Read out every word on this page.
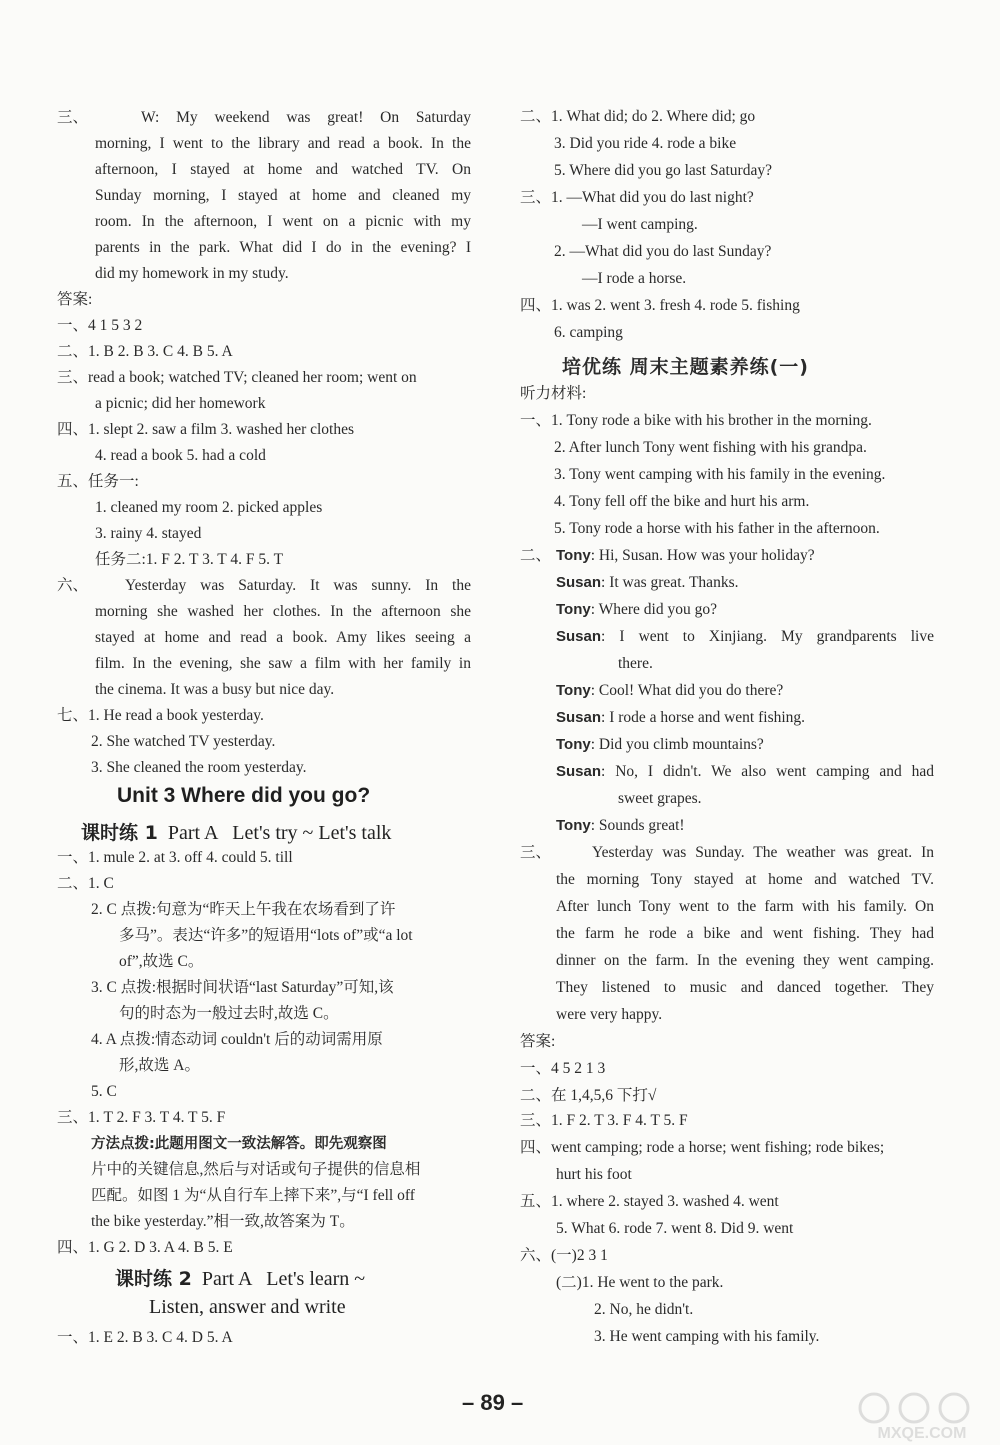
三、	W: My weekend was great! On Saturday
morning, I went to the library and read a book. In the
afternoon, I stayed at home and watched TV. On
Sunday morning, I stayed at home and cleaned my
room. In the afternoon, I went on a picnic with my
parents in the park. What did I do in the evening? I
did my homework in my study.
答案:
一、4 1 5 3 2
二、1. B 2. B 3. C 4. B 5. A
三、read a book; watched TV; cleaned her room; went on
a picnic; did her homework
四、1. slept 2. saw a film 3. washed her clothes
4. read a book 5. had a cold
五、任务一:
1. cleaned my room 2. picked apples
3. rainy 4. stayed
任务二:1. F 2. T 3. T 4. F 5. T
六、 Yesterday was Saturday. It was sunny. In the
morning she washed her clothes. In the afternoon she
stayed at home and read a book. Amy likes seeing a
film. In the evening, she saw a film with her family in
the cinema. It was a busy but nice day.
七、1. He read a book yesterday.
2. She watched TV yesterday.
3. She cleaned the room yesterday.
Unit 3 Where did you go?
课时练 1  Part A   Let's try ~ Let's talk
一、1. mule 2. at 3. off 4. could 5. till
二、1. C
2. C 点拨:句意为“昨天上午我在农场看到了许
多马”。表达“许多”的短语用“lots of”或“a lot
of”,故选 C。
3. C 点拨:根据时间状语“last Saturday”可知,该
句的时态为一般过去时,故选 C。
4. A 点拨:情态动词 couldn't 后的动词需用原
形,故选 A。
5. C
三、1. T 2. F 3. T 4. T 5. F
方法点拨:此题用图文一致法解答。即先观察图
片中的关键信息,然后与对话或句子提供的信息相
匹配。如图 1 为“从自行车上摔下来”,与“I fell off
the bike yesterday.”相一致,故答案为 T。
四、1. G 2. D 3. A 4. B 5. E
课时练 2  Part A   Let's learn ~
Listen, answer and write
一、1. E 2. B 3. C 4. D 5. A
二、1. What did; do 2. Where did; go
3. Did you ride 4. rode a bike
5. Where did you go last Saturday?
三、1. —What did you do last night?
—I went camping.
2. —What did you do last Sunday?
—I rode a horse.
四、1. was 2. went 3. fresh 4. rode 5. fishing
6. camping
培优练 周末主题素养练(一)
听力材料:
一、1. Tony rode a bike with his brother in the morning.
2. After lunch Tony went fishing with his grandpa.
3. Tony went camping with his family in the evening.
4. Tony fell off the bike and hurt his arm.
5. Tony rode a horse with his father in the afternoon.
二、 Tony: Hi, Susan. How was your holiday?
Susan: It was great. Thanks.
Tony: Where did you go?
Susan: I went to Xinjiang. My grandparents live
there.
Tony: Cool! What did you do there?
Susan: I rode a horse and went fishing.
Tony: Did you climb mountains?
Susan: No, I didn't. We also went camping and had
sweet grapes.
Tony: Sounds great!
三、	Yesterday was Sunday. The weather was great. In
the morning Tony stayed at home and watched TV.
After lunch Tony went to the farm with his family. On
the farm he rode a bike and went fishing. They had
dinner on the farm. In the evening they went camping.
They listened to music and danced together. They
were very happy.
答案:
一、4 5 2 1 3
二、在 1,4,5,6 下打√
三、1. F 2. T 3. F 4. T 5. F
四、went camping; rode a horse; went fishing; rode bikes;
hurt his foot
五、1. where 2. stayed 3. washed 4. went
5. What 6. rode 7. went 8. Did 9. went
六、(一)2 3 1
(二)1. He went to the park.
2. No, he didn't.
3. He went camping with his family.
– 89 –
MXQE.COM
